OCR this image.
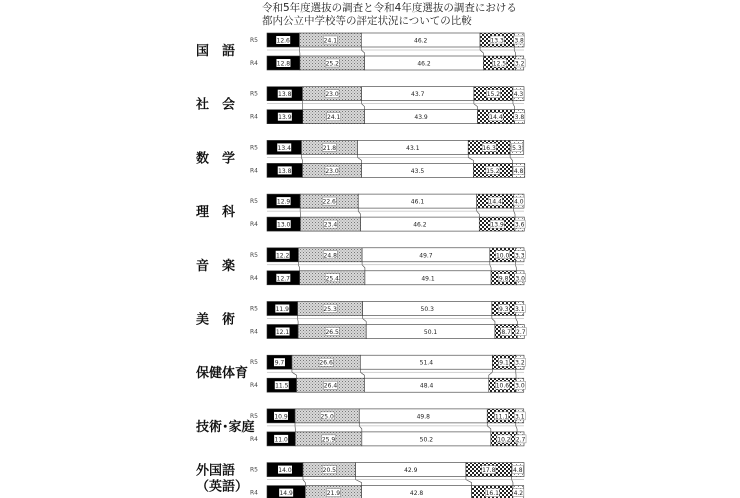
令和5年度選抜の調査と令和4年度選抜の調査における
都内公立中学校等の評定状況についての比較
国　語
R5	12.6	24.1	46.2	13.3 3.8
R4	12.8	25.2	46.2	12.5 3.2
社　会
R5	13.8	23.0	43.7	15.2 4.3
R4	13.9	24.1	43.9	14.4 3.8
数　学
R5	13.4	21.8	43.1	16.3	5.3
R4	13.8	23.0	43.5	15.2 4.8
理　科
R5	12.9	22.6	46.1	14.4 4.0
R4	13.0	23.4	46.2	13.9 3.6
音　楽
R5	12.2	24.8	49.7	10.0 3.3
R4	12.7	25.4	49.1	9.8 3.0
美　術
R5	11.9	25.3	50.3	9.3 3.1
R4	12.1	26.5	50.1	8.7 2.7
保健体育
R5	9.7	26.6	51.4	9.1 3.2
R4	11.5	26.4	48.4	10.6 3.0
技術･家庭
R5	10.9	25.0	49.8	11.1 3.1
R4	11.0	25.9	50.2	10.2 2.7
外国語
（英語）
R5	14.0	20.5	42.9	17.8	4.8
R4	14.9	21.9	42.8	16.1 4.2
